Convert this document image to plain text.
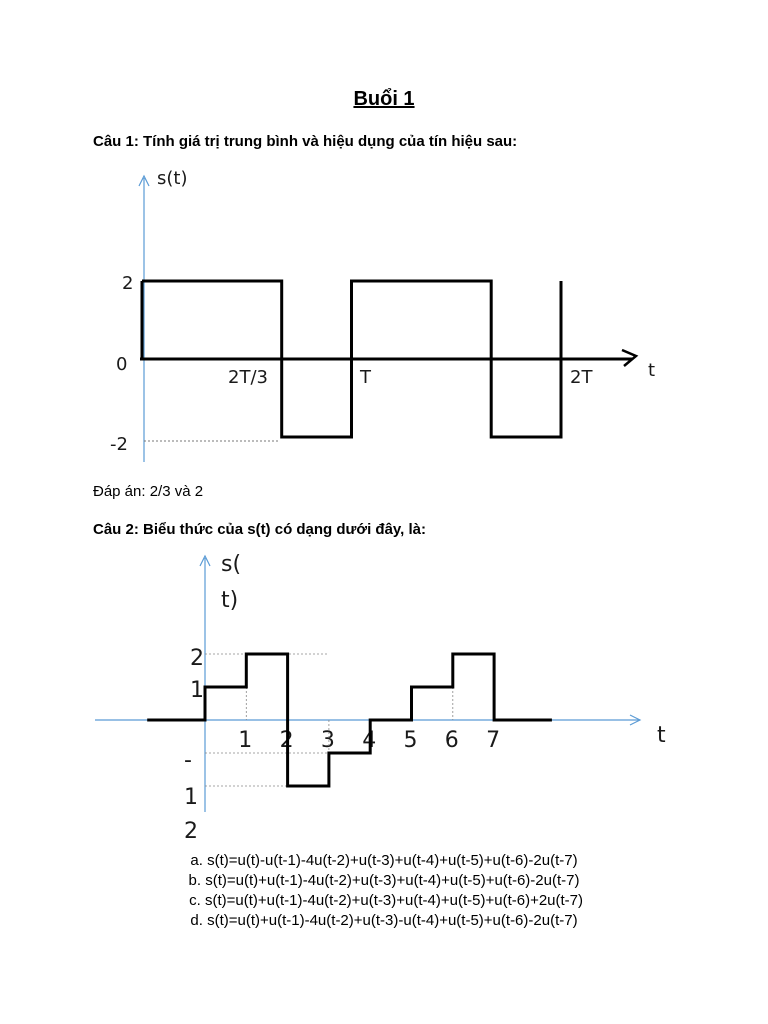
Buổi 1
Câu 1: Tính giá trị trung bình và hiệu dụng của tín hiệu sau:
s(t)
t
2
0
-2
2T/3	T	2T
Đáp án: 2/3 và 2
Câu 2: Biểu thức của s(t) có dạng dưới đây, là:
s(
t)
t
2
1
-
1
2
1 2 3 4 5 6 7
a. s(t)=u(t)-u(t-1)-4u(t-2)+u(t-3)+u(t-4)+u(t-5)+u(t-6)-2u(t-7)
b. s(t)=u(t)+u(t-1)-4u(t-2)+u(t-3)+u(t-4)+u(t-5)+u(t-6)-2u(t-7)
c. s(t)=u(t)+u(t-1)-4u(t-2)+u(t-3)+u(t-4)+u(t-5)+u(t-6)+2u(t-7)
d. s(t)=u(t)+u(t-1)-4u(t-2)+u(t-3)-u(t-4)+u(t-5)+u(t-6)-2u(t-7)
